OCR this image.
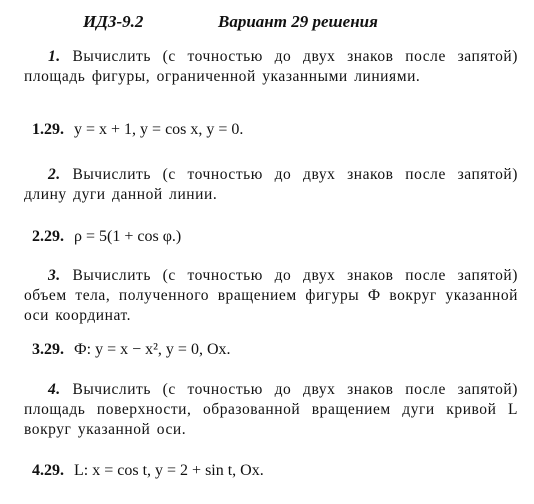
ИДЗ-9.2	Вариант 29 решения
1. Вычислить (с точностью до двух знаков после запятой) площадь фигуры, ограниченной указанными линиями.
1.29. y = x + 1, y = cos x, y = 0.
2. Вычислить (с точностью до двух знаков после запятой) длину дуги данной линии.
2.29. ρ = 5(1 + cos φ.)
3. Вычислить (с точностью до двух знаков после запятой) объем тела, полученного вращением фигуры Ф вокруг указанной оси координат.
3.29. Ф: y = x − x², y = 0, Ox.
4. Вычислить (с точностью до двух знаков после запятой) площадь поверхности, образованной вращением дуги кривой L вокруг указанной оси.
4.29. L: x = cos t, y = 2 + sin t, Ox.
